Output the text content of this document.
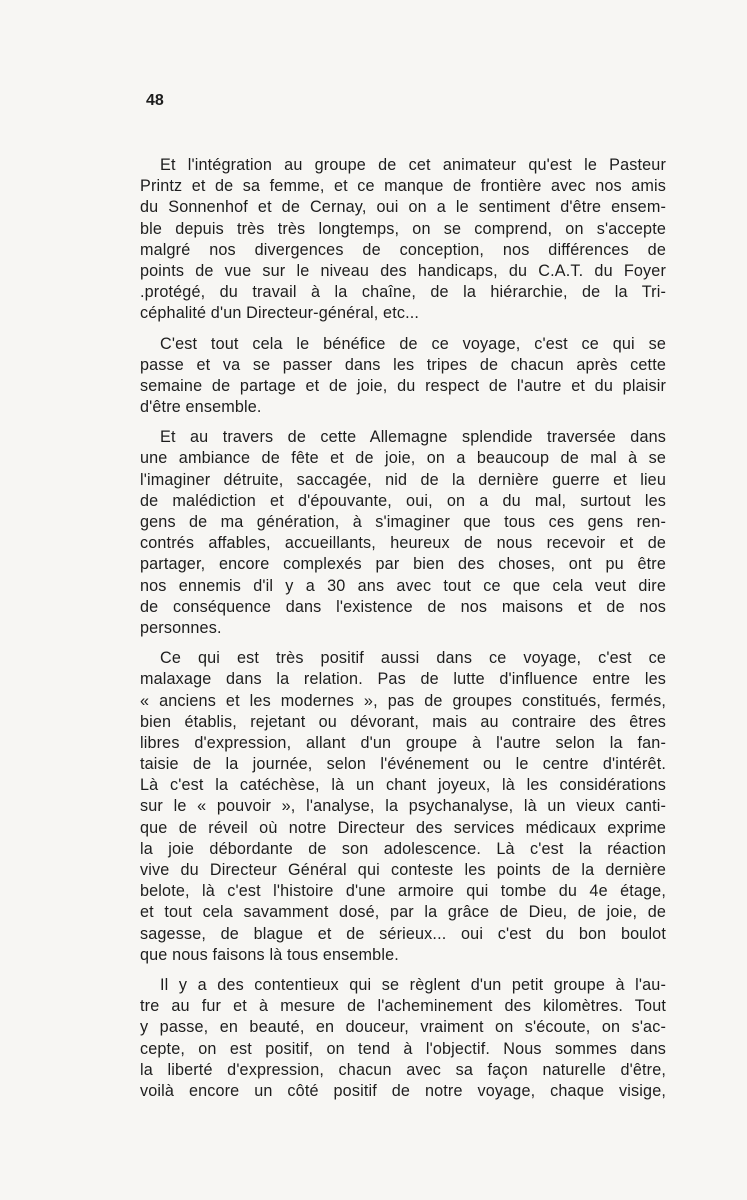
48
Et l'intégration au groupe de cet animateur qu'est le Pasteur
Printz et de sa femme, et ce manque de frontière avec nos amis
du Sonnenhof et de Cernay, oui on a le sentiment d'être ensem-
ble depuis très très longtemps, on se comprend, on s'accepte
malgré nos divergences de conception, nos différences de
points de vue sur le niveau des handicaps, du C.A.T. du Foyer
.protégé, du travail à la chaîne, de la hiérarchie, de la Tri-
céphalité d'un Directeur-général, etc...
C'est tout cela le bénéfice de ce voyage, c'est ce qui se
passe et va se passer dans les tripes de chacun après cette
semaine de partage et de joie, du respect de l'autre et du plaisir
d'être ensemble.
Et au travers de cette Allemagne splendide traversée dans
une ambiance de fête et de joie, on a beaucoup de mal à se
l'imaginer détruite, saccagée, nid de la dernière guerre et lieu
de malédiction et d'épouvante, oui, on a du mal, surtout les
gens de ma génération, à s'imaginer que tous ces gens ren-
contrés affables, accueillants, heureux de nous recevoir et de
partager, encore complexés par bien des choses, ont pu être
nos ennemis d'il y a 30 ans avec tout ce que cela veut dire
de conséquence dans l'existence de nos maisons et de nos
personnes.
Ce qui est très positif aussi dans ce voyage, c'est ce
malaxage dans la relation. Pas de lutte d'influence entre les
« anciens et les modernes », pas de groupes constitués, fermés,
bien établis, rejetant ou dévorant, mais au contraire des êtres
libres d'expression, allant d'un groupe à l'autre selon la fan-
taisie de la journée, selon l'événement ou le centre d'intérêt.
Là c'est la catéchèse, là un chant joyeux, là les considérations
sur le « pouvoir », l'analyse, la psychanalyse, là un vieux canti-
que de réveil où notre Directeur des services médicaux exprime
la joie débordante de son adolescence. Là c'est la réaction
vive du Directeur Général qui conteste les points de la dernière
belote, là c'est l'histoire d'une armoire qui tombe du 4e étage,
et tout cela savamment dosé, par la grâce de Dieu, de joie, de
sagesse, de blague et de sérieux... oui c'est du bon boulot
que nous faisons là tous ensemble.
Il y a des contentieux qui se règlent d'un petit groupe à l'au-
tre au fur et à mesure de l'acheminement des kilomètres. Tout
y passe, en beauté, en douceur, vraiment on s'écoute, on s'ac-
cepte, on est positif, on tend à l'objectif. Nous sommes dans
la liberté d'expression, chacun avec sa façon naturelle d'être,
voilà encore un côté positif de notre voyage, chaque visige,
